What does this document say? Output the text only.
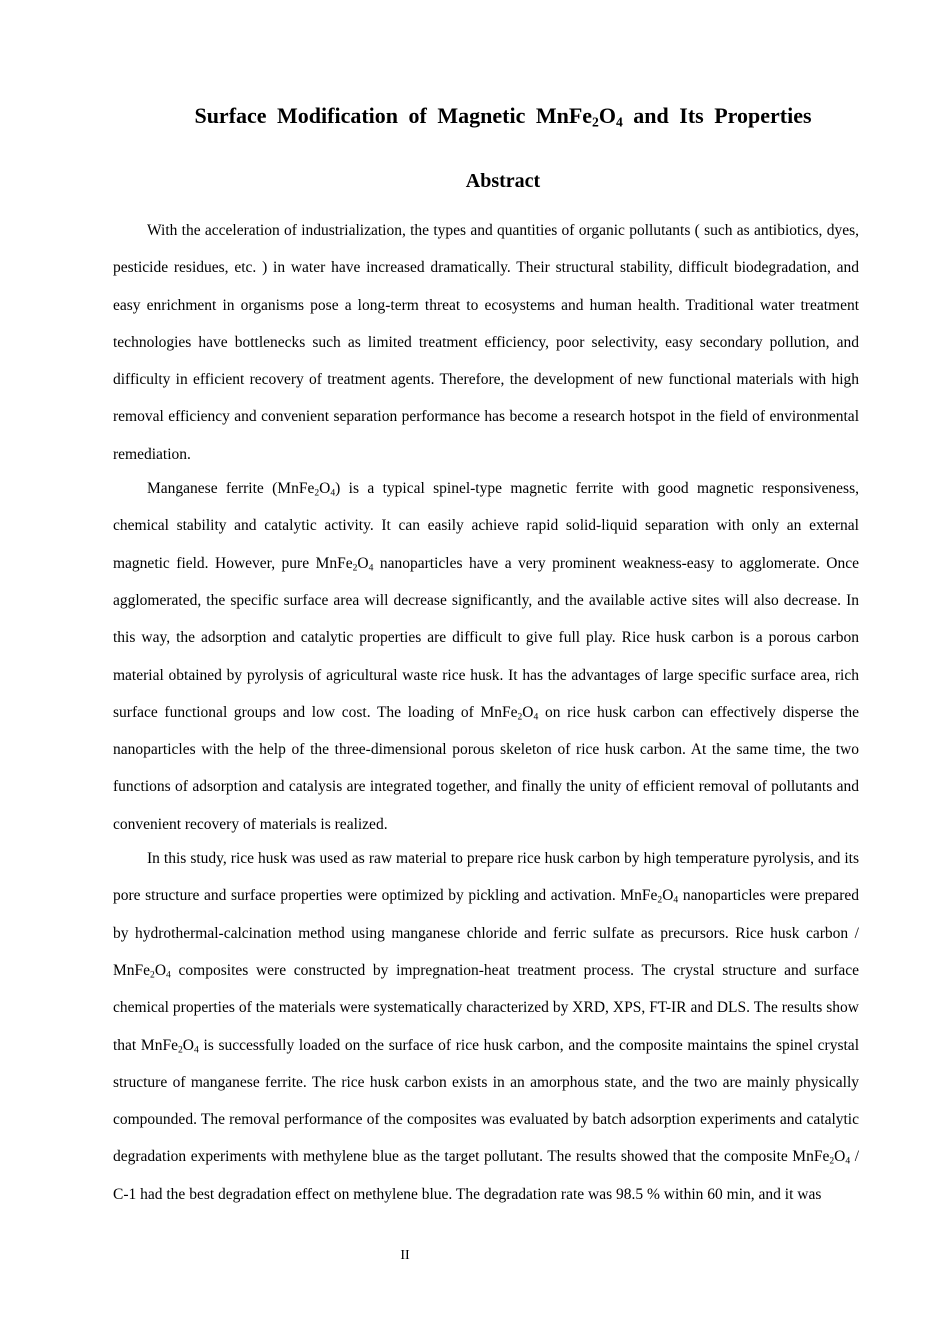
Surface Modification of Magnetic $MnFe_2O_4$ and Its Properties
Abstract

With the acceleration of industrialization, the types and quantities of organic pollutants ( such as antibiotics, dyes, pesticide residues, etc. ) in water have increased dramatically. Their structural stability, difficult biodegradation, and easy enrichment in organisms pose a long-term threat to ecosystems and human health. Traditional water treatment technologies have bottlenecks such as limited treatment efficiency, poor selectivity, easy secondary pollution, and difficulty in efficient recovery of treatment agents. Therefore, the development of new functional materials with high removal efficiency and convenient separation performance has become a research hotspot in the field of environmental remediation.

Manganese ferrite $(MnFe_2O_4)$ is a typical spinel-type magnetic ferrite with good magnetic responsiveness, chemical stability and catalytic activity. It can easily achieve rapid solid-liquid separation with only an external magnetic field. However, pure $MnFe_2O_4$ nanoparticles have a very prominent weakness-easy to agglomerate. Once agglomerated, the specific surface area will decrease significantly, and the available active sites will also decrease. In this way, the adsorption and catalytic properties are difficult to give full play. Rice husk carbon is a porous carbon material obtained by pyrolysis of agricultural waste rice husk. It has the advantages of large specific surface area, rich surface functional groups and low cost. The loading of $MnFe_2O_4$ on rice husk carbon can effectively disperse the nanoparticles with the help of the three-dimensional porous skeleton of rice husk carbon. At the same time, the two functions of adsorption and catalysis are integrated together, and finally the unity of efficient removal of pollutants and convenient recovery of materials is realized.

In this study, rice husk was used as raw material to prepare rice husk carbon by high temperature pyrolysis, and its pore structure and surface properties were optimized by pickling and activation. $MnFe_2O_4$ nanoparticles were prepared by hydrothermal-calcination method using manganese chloride and ferric sulfate as precursors. Rice husk carbon / $MnFe_2O_4$ composites were constructed by impregnation-heat treatment process. The crystal structure and surface chemical properties of the materials were systematically characterized by XRD, XPS, FT-IR and DLS. The results show that $MnFe_2O_4$ is successfully loaded on the surface of rice husk carbon, and the composite maintains the spinel crystal structure of manganese ferrite. The rice husk carbon exists in an amorphous state, and the two are mainly physically compounded. The removal performance of the composites was evaluated by batch adsorption experiments and catalytic degradation experiments with methylene blue as the target pollutant. The results showed that the composite $MnFe_2O_4 / C-1$ had the best degradation effect on methylene blue. The degradation rate was 98.5 % within 60 min, and it was

II
